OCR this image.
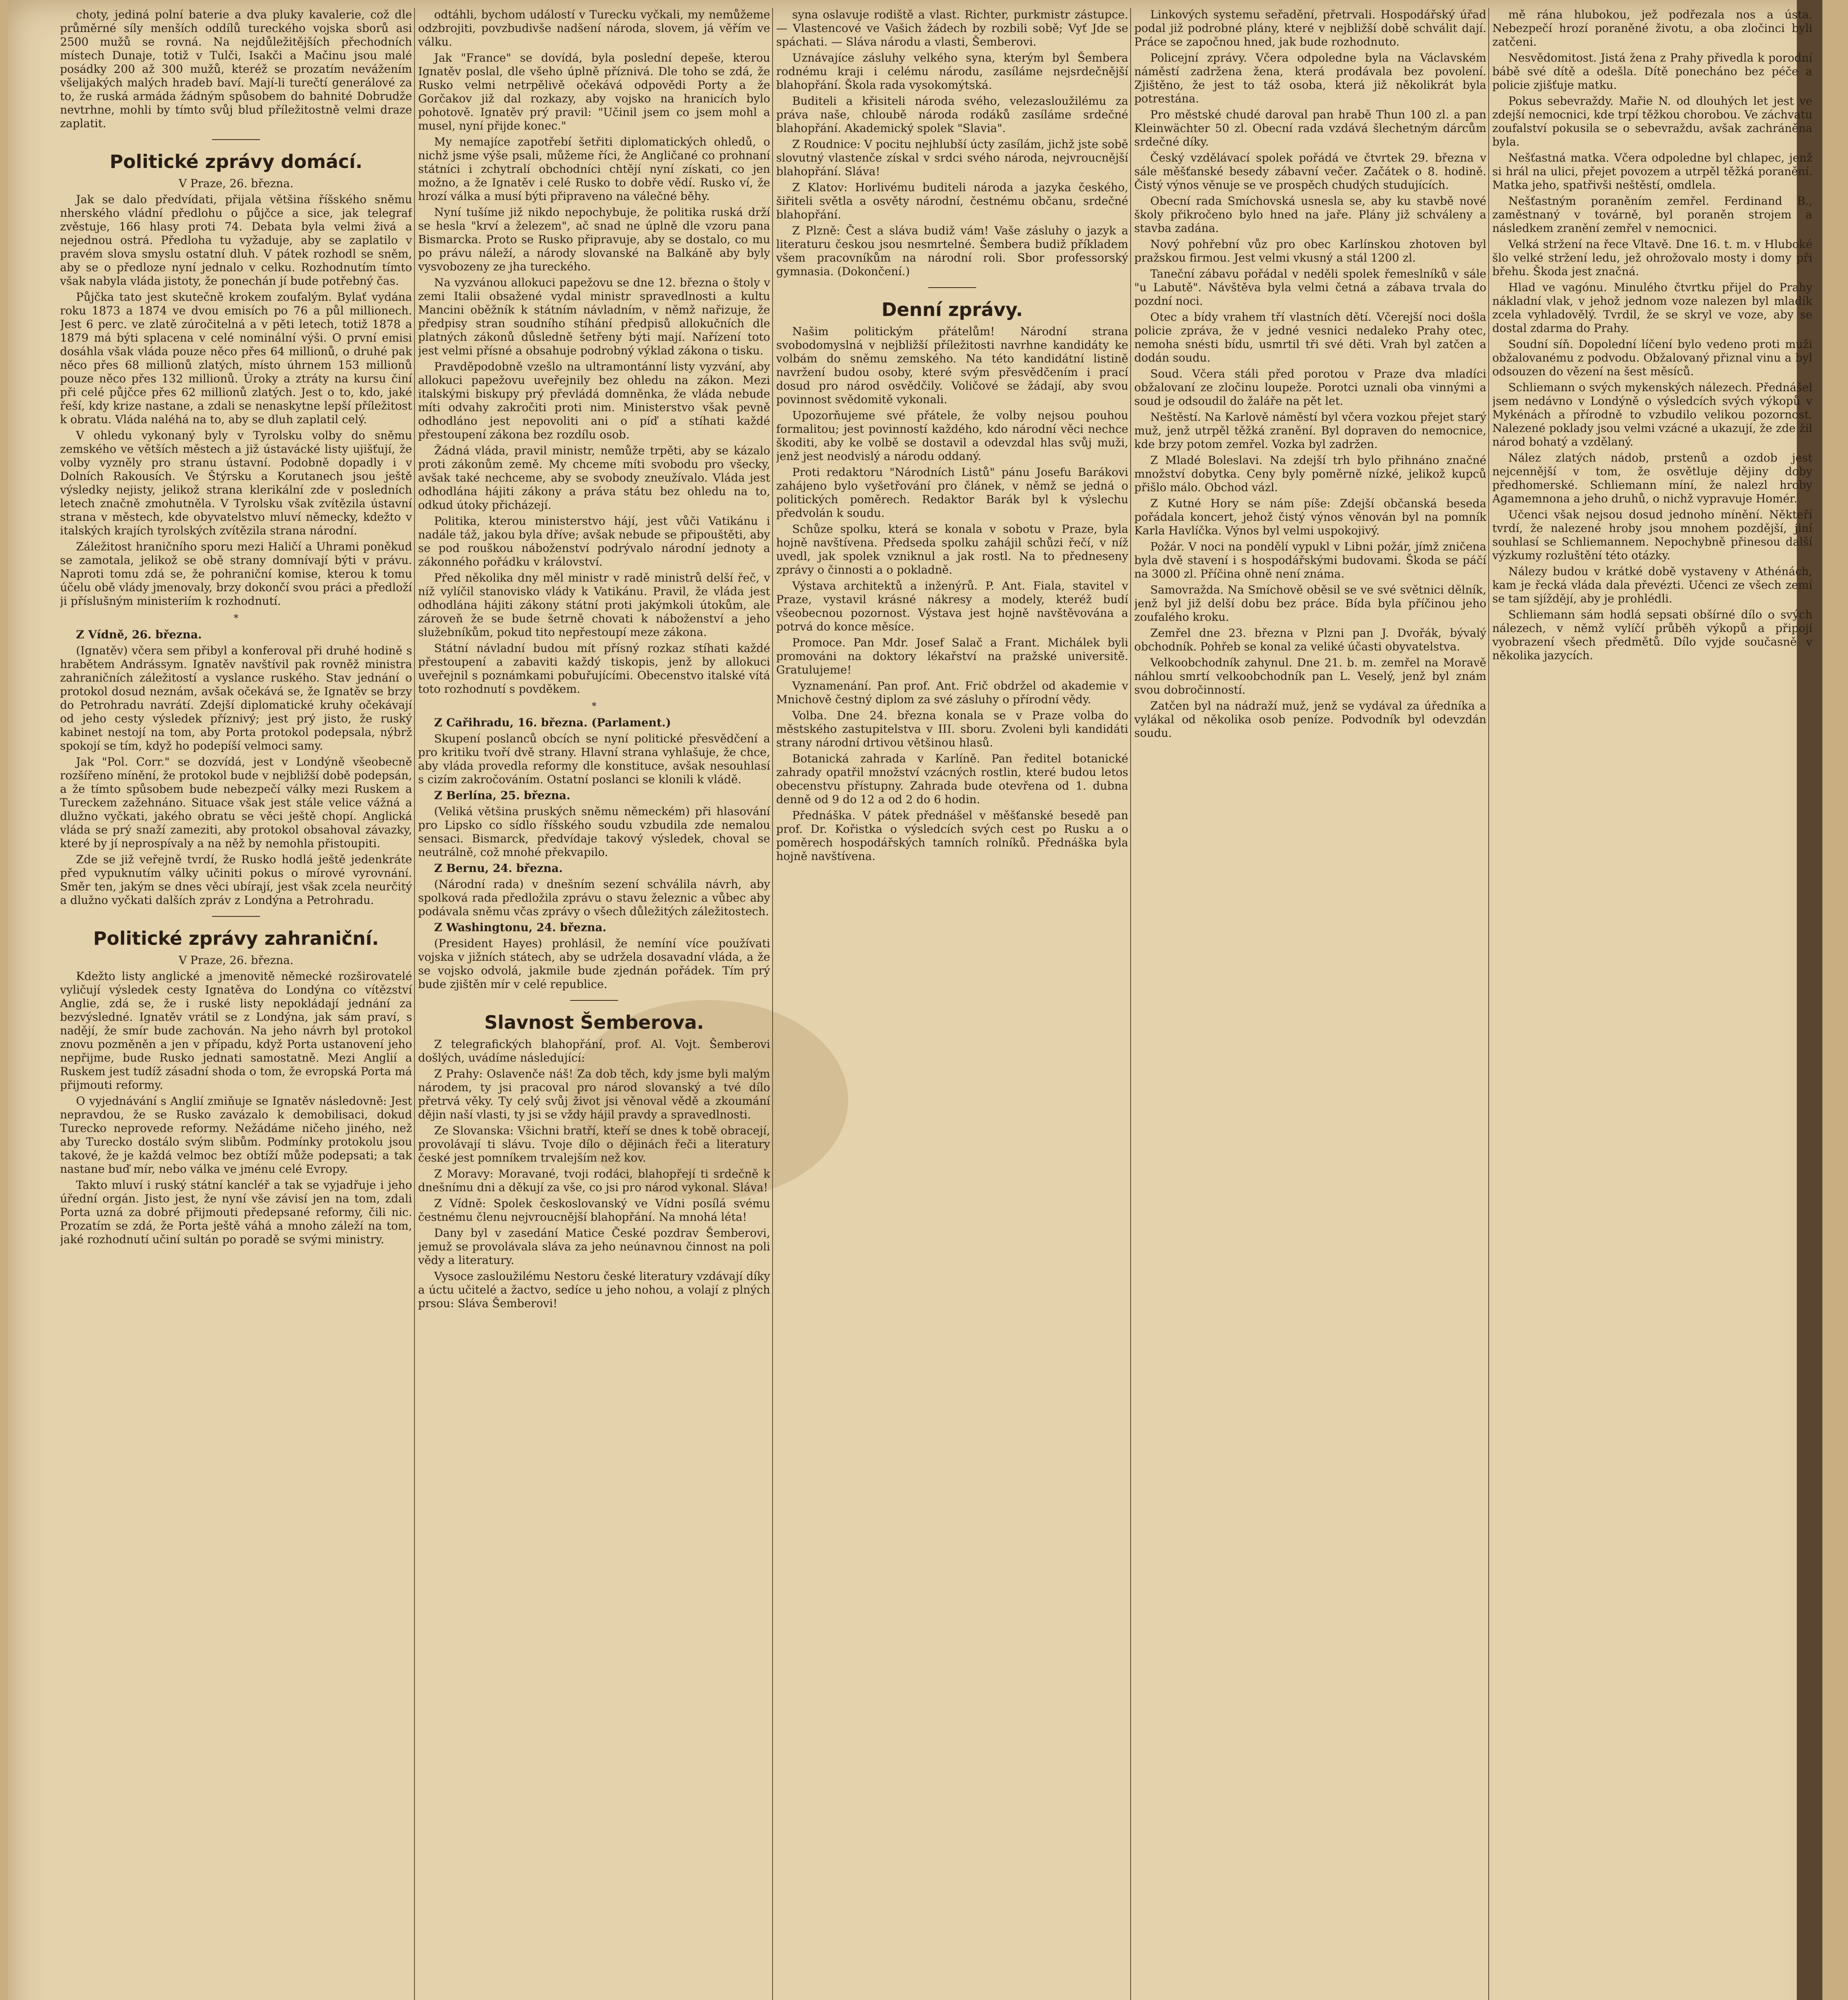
choty, jediná polní baterie a dva pluky kavalerie, což dle průměrné síly menších oddílů tureckého vojska sborů asi 2500 mužů se rovná. Na nejdůležitějších přechodních místech Dunaje, totiž v Tulči, Isakči a Mačinu jsou malé posádky 200 až 300 mužů, kteréž se prozatím nevážením všelijakých malých hradeb baví. Mají-li turečtí generálové za to, že ruská armáda žádným spůsobem do bahnité Dobrudže nevtrhne, mohli by tímto svůj blud příležitostně velmi draze zaplatit.

Politické zprávy domácí.
V Praze, 26. března.

Jak se dalo předvídati, přijala většina říšského sněmu nherského vládní předlohu o půjčce a sice, jak telegraf zvěstuje, 166 hlasy proti 74. Debata byla velmi živá a nejednou ostrá. Předloha tu vyžaduje, aby se zaplatilo v pravém slova smyslu ostatní dluh. V pátek rozhodl se sněm, aby se o předloze nyní jednalo v celku. Rozhodnutím tímto však nabyla vláda jistoty, že ponechán jí bude potřebný čas.

Půjčka tato jest skutečně krokem zoufalým. Bylať vydána roku 1873 a 1874 ve dvou emisích po 76 a půl millionech. Jest 6 perc. ve zlatě zúročitelná a v pěti letech, totiž 1878 a 1879 má býti splacena v celé nominální výši. O první emisi dosáhla však vláda pouze něco přes 64 millionů, o druhé pak něco přes 68 millionů zlatých, místo úhrnem 153 millionů pouze něco přes 132 millionů. Úroky a ztráty na kursu činí při celé půjčce přes 62 millionů zlatých. Jest o to, kdo, jaké řeší, kdy krize nastane, a zdali se nenaskytne lepší příležitost k obratu. Vláda naléhá na to, aby se dluh zaplatil celý.

V ohledu vykonaný byly v Tyrolsku volby do sněmu zemského ve větších městech a již ústavácké listy ujišťují, že volby vyzněly pro stranu ústavní. Podobně dopadly i v Dolních Rakousích. Ve Štýrsku a Korutanech jsou ještě výsledky nejisty, jelikož strana klerikální zde v posledních letech značně zmohutněla. V Tyrolsku však zvítězila ústavní strana v městech, kde obyvatelstvo mluví německy, kdežto v italských krajích tyrolských zvítězila strana národní.

Záležitost hraničního sporu mezi Haličí a Uhrami poněkud se zamotala, jelikož se obě strany domnívají býti v právu. Naproti tomu zdá se, že pohraniční komise, kterou k tomu účelu obě vlády jmenovaly, brzy dokončí svou práci a předloží ji příslušným ministeriím k rozhodnutí.

*

Z Vídně, 26. března.

(Ignatěv) včera sem přibyl a konferoval při druhé hodině s hrabětem Andrássym. Ignatěv navštívil pak rovněž ministra zahraničních záležitostí a vyslance ruského. Stav jednání o protokol dosud neznám, avšak očekává se, že Ignatěv se brzy do Petrohradu navrátí. Zdejší diplomatické kruhy očekávají od jeho cesty výsledek příznivý; jest prý jisto, že ruský kabinet nestojí na tom, aby Porta protokol podepsala, nýbrž spokojí se tím, když ho podepíší velmoci samy.

Jak "Pol. Corr." se dozvídá, jest v Londýně všeobecně rozšířeno mínění, že protokol bude v nejbližší době podepsán, a že tímto spůsobem bude nebezpečí války mezi Ruskem a Tureckem zažehnáno. Situace však jest stále velice vážná a dlužno vyčkati, jakého obratu se věci ještě chopí. Anglická vláda se prý snaží zameziti, aby protokol obsahoval závazky, které by jí neprospívaly a na něž by nemohla přistoupiti.

Zde se již veřejně tvrdí, že Rusko hodlá ještě jedenkráte před vypuknutím války učiniti pokus o mírové vyrovnání. Směr ten, jakým se dnes věci ubírají, jest však zcela neurčitý a dlužno vyčkati dalších zpráv z Londýna a Petrohradu.

Politické zprávy zahraniční.
V Praze, 26. března.

Kdežto listy anglické a jmenovitě německé rozširovatelé vyličují výsledek cesty Ignatěva do Londýna co vítězství Anglie, zdá se, že i ruské listy nepokládají jednání za bezvýsledné. Ignatěv vrátil se z Londýna, jak sám praví, s nadějí, že smír bude zachován. Na jeho návrh byl protokol znovu pozměněn a jen v případu, když Porta ustanovení jeho nepřijme, bude Rusko jednati samostatně. Mezi Anglií a Ruskem jest tudíž zásadní shoda o tom, že evropská Porta má přijmouti reformy.

O vyjednávání s Anglií zmiňuje se Ignatěv následovně: Jest nepravdou, že se Rusko zavázalo k demobilisaci, dokud Turecko neprovede reformy. Nežádáme ničeho jiného, než aby Turecko dostálo svým slibům. Podmínky protokolu jsou takové, že je každá velmoc bez obtíží může podepsati; a tak nastane buď mír, nebo válka ve jménu celé Evropy.

Takto mluví i ruský státní kancléř a tak se vyjadřuje i jeho úřední orgán. Jisto jest, že nyní vše závisí jen na tom, zdali Porta uzná za dobré přijmouti předepsané reformy, čili nic. Prozatím se zdá, že Porta ještě váhá a mnoho záleží na tom, jaké rozhodnutí učiní sultán po poradě se svými ministry.

odtáhli, bychom událostí v Turecku vyčkali, my nemůžeme odzbrojiti, povzbudivše nadšení národa, slovem, já věřím ve válku.

Jak "France" se dovídá, byla poslední depeše, kterou Ignatěv poslal, dle všeho úplně příznivá. Dle toho se zdá, že Rusko velmi netrpělivě očekává odpovědi Porty a že Gorčakov již dal rozkazy, aby vojsko na hranicích bylo pohotově. Ignatěv prý pravil: "Učinil jsem co jsem mohl a musel, nyní přijde konec."

My nemajíce zapotřebí šetřiti diplomatických ohledů, o nichž jsme výše psali, můžeme říci, že Angličané co prohnaní státníci i zchytralí obchodníci chtějí nyní získati, co jen možno, a že Ignatěv i celé Rusko to dobře vědí. Rusko ví, že hrozí válka a musí býti připraveno na válečné běhy.

Nyní tušíme již nikdo nepochybuje, že politika ruská drží se hesla "krví a železem", ač snad ne úplně dle vzoru pana Bismarcka. Proto se Rusko připravuje, aby se dostalo, co mu po právu náleží, a národy slovanské na Balkáně aby byly vysvobozeny ze jha tureckého.

Na vyzvánou allokuci papežovu se dne 12. března o štoly v zemi Italii obsažené vydal ministr spravedlnosti a kultu Mancini oběžník k státním návladním, v němž nařizuje, že předpisy stran soudního stíhání předpisů allokučních dle platných zákonů důsledně šetřeny býti mají. Nařízení toto jest velmi přísné a obsahuje podrobný výklad zákona o tisku.

Pravděpodobně vzešlo na ultramontánní listy vyzvání, aby allokuci papežovu uveřejnily bez ohledu na zákon. Mezi italskými biskupy prý převládá domněnka, že vláda nebude míti odvahy zakročiti proti nim. Ministerstvo však pevně odhodláno jest nepovoliti ani o píď a stíhati každé přestoupení zákona bez rozdílu osob.

Žádná vláda, pravil ministr, nemůže trpěti, aby se kázalo proti zákonům země. My chceme míti svobodu pro všecky, avšak také nechceme, aby se svobody zneužívalo. Vláda jest odhodlána hájiti zákony a práva státu bez ohledu na to, odkud útoky přicházejí.

Politika, kterou ministerstvo hájí, jest vůči Vatikánu i nadále táž, jakou byla dříve; avšak nebude se připouštěti, aby se pod rouškou náboženství podrývalo národní jednoty a zákonného pořádku v království.

Před několika dny měl ministr v radě ministrů delší řeč, v níž vylíčil stanovisko vlády k Vatikánu. Pravil, že vláda jest odhodlána hájiti zákony státní proti jakýmkoli útokům, ale zároveň že se bude šetrně chovati k náboženství a jeho služebníkům, pokud tito nepřestoupí meze zákona.

Státní návladní budou mít přísný rozkaz stíhati každé přestoupení a zabaviti každý tiskopis, jenž by allokuci uveřejnil s poznámkami pobuřujícími. Obecenstvo italské vítá toto rozhodnutí s povděkem.

*

Z Cařihradu, 16. března. (Parlament.)

Skupení poslanců obcích se nyní politické přesvědčení a pro kritiku tvoří dvě strany. Hlavní strana vyhlašuje, že chce, aby vláda provedla reformy dle konstituce, avšak nesouhlasí s cizím zakročováním. Ostatní poslanci se klonili k vládě.

Z Berlína, 25. března.

(Veliká většina pruských sněmu německém) při hlasování pro Lipsko co sídlo říšského soudu vzbudila zde nemalou sensaci. Bismarck, předvídaje takový výsledek, choval se neutrálně, což mnohé překvapilo.

Z Bernu, 24. března.

(Národní rada) v dnešním sezení schválila návrh, aby spolková rada předložila zprávu o stavu železnic a vůbec aby podávala sněmu včas zprávy o všech důležitých záležitostech.

Z Washingtonu, 24. března.

(President Hayes) prohlásil, že nemíní více používati vojska v jižních státech, aby se udržela dosavadní vláda, a že se vojsko odvolá, jakmile bude zjednán pořádek. Tím prý bude zjištěn mír v celé republice.

Slavnost Šemberova.

Z telegrafických blahopřání, prof. Al. Vojt. Šemberovi došlých, uvádíme následující:

Z Prahy: Oslavenče náš! Za dob těch, kdy jsme byli malým národem, ty jsi pracoval pro národ slovanský a tvé dílo přetrvá věky. Ty celý svůj život jsi věnoval vědě a zkoumání dějin naší vlasti, ty jsi se vždy hájil pravdy a spravedlnosti.

Ze Slovanska: Všichni bratří, kteří se dnes k tobě obracejí, provolávají ti slávu. Tvoje dílo o dějinách řeči a literatury české jest pomníkem trvalejším než kov.

Z Moravy: Moravané, tvoji rodáci, blahopřejí ti srdečně k dnešnímu dni a děkují za vše, co jsi pro národ vykonal. Sláva!

Z Vídně: Spolek českoslovanský ve Vídni posílá svému čestnému členu nejvroucnější blahopřání. Na mnohá léta!

Dany byl v zasedání Matice České pozdrav Šemberovi, jemuž se provolávala sláva za jeho neúnavnou činnost na poli vědy a literatury.

Vysoce zasloužilému Nestoru české literatury vzdávají díky a úctu učitelé a žactvo, sedíce u jeho nohou, a volají z plných prsou: Sláva Šemberovi!

syna oslavuje rodiště a vlast. Richter, purkmistr zástupce. — Vlastencové ve Vašich žádech by rozbili sobě; Vyť Jde se spáchati. — Sláva národu a vlasti, Šemberovi.

Uznávajíce zásluhy velkého syna, kterým byl Šembera rodnému kraji i celému národu, zasíláme nejsrdečnější blahopřání. Škola rada vysokomýtská.

Buditeli a křisiteli národa svého, velezasloužilému za práva naše, chloubě národa rodáků zasíláme srdečné blahopřání. Akademický spolek "Slavia".

Z Roudnice: V pocitu nejhlubší úcty zasílám, jichž jste sobě slovutný vlastenče získal v srdci svého národa, nejvroucnější blahopřání. Sláva!

Z Klatov: Horlivému buditeli národa a jazyka českého, šiřiteli světla a osvěty národní, čestnému občanu, srdečné blahopřání.

Z Plzně: Čest a sláva budiž vám! Vaše zásluhy o jazyk a literaturu českou jsou nesmrtelné. Šembera budiž příkladem všem pracovníkům na národní roli. Sbor professorský gymnasia. (Dokončení.)

Denní zprávy.

Našim politickým přátelům! Národní strana svobodomyslná v nejbližší příležitosti navrhne kandidáty ke volbám do sněmu zemského. Na této kandidátní listině navržení budou osoby, které svým přesvědčením i prací dosud pro národ osvědčily. Voličové se žádají, aby svou povinnost svědomitě vykonali.

Upozorňujeme své přátele, že volby nejsou pouhou formalitou; jest povinností každého, kdo národní věci nechce škoditi, aby ke volbě se dostavil a odevzdal hlas svůj muži, jenž jest neodvislý a národu oddaný.

Proti redaktoru "Národních Listů" pánu Josefu Barákovi zahájeno bylo vyšetřování pro článek, v němž se jedná o politických poměrech. Redaktor Barák byl k výslechu předvolán k soudu.

Schůze spolku, která se konala v sobotu v Praze, byla hojně navštívena. Předseda spolku zahájil schůzi řečí, v níž uvedl, jak spolek vzniknul a jak rostl. Na to předneseny zprávy o činnosti a o pokladně.

Výstava architektů a inženýrů. P. Ant. Fiala, stavitel v Praze, vystavil krásné nákresy a modely, kteréž budí všeobecnou pozornost. Výstava jest hojně navštěvována a potrvá do konce měsíce.

Promoce. Pan Mdr. Josef Salač a Frant. Michálek byli promováni na doktory lékařství na pražské universitě. Gratulujeme!

Vyznamenání. Pan prof. Ant. Frič obdržel od akademie v Mnichově čestný diplom za své zásluhy o přírodní vědy.

Volba. Dne 24. března konala se v Praze volba do městského zastupitelstva v III. sboru. Zvoleni byli kandidáti strany národní drtivou většinou hlasů.

Botanická zahrada v Karlíně. Pan ředitel botanické zahrady opatřil množství vzácných rostlin, které budou letos obecenstvu přístupny. Zahrada bude otevřena od 1. dubna denně od 9 do 12 a od 2 do 6 hodin.

Přednáška. V pátek přednášel v měšťanské besedě pan prof. Dr. Kořistka o výsledcích svých cest po Rusku a o poměrech hospodářských tamních rolníků. Přednáška byla hojně navštívena.

Linkových systemu seřadění, přetrvali. Hospodářský úřad podal již podrobné plány, které v nejbližší době schválit dají. Práce se započnou hned, jak bude rozhodnuto.

Policejní zprávy. Včera odpoledne byla na Václavském náměstí zadržena žena, která prodávala bez povolení. Zjištěno, že jest to táž osoba, která již několikrát byla potrestána.

Pro městské chudé daroval pan hrabě Thun 100 zl. a pan Kleinwächter 50 zl. Obecní rada vzdává šlechetným dárcům srdečné díky.

Český vzdělávací spolek pořádá ve čtvrtek 29. března v sále měšťanské besedy zábavní večer. Začátek o 8. hodině. Čistý výnos věnuje se ve prospěch chudých studujících.

Obecní rada Smíchovská usnesla se, aby ku stavbě nové školy přikročeno bylo hned na jaře. Plány již schváleny a stavba zadána.

Nový pohřební vůz pro obec Karlínskou zhotoven byl pražskou firmou. Jest velmi vkusný a stál 1200 zl.

Taneční zábavu pořádal v neděli spolek řemeslníků v sále "u Labutě". Návštěva byla velmi četná a zábava trvala do pozdní noci.

Otec a bídy vrahem tří vlastních dětí. Včerejší noci došla policie zpráva, že v jedné vesnici nedaleko Prahy otec, nemoha snésti bídu, usmrtil tři své děti. Vrah byl zatčen a dodán soudu.

Soud. Včera stáli před porotou v Praze dva mladíci obžalovaní ze zločinu loupeže. Porotci uznali oba vinnými a soud je odsoudil do žaláře na pět let.

Neštěstí. Na Karlově náměstí byl včera vozkou přejet starý muž, jenž utrpěl těžká zranění. Byl dopraven do nemocnice, kde brzy potom zemřel. Vozka byl zadržen.

Z Mladé Boleslavi. Na zdejší trh bylo přihnáno značné množství dobytka. Ceny byly poměrně nízké, jelikož kupců přišlo málo. Obchod vázl.

Z Kutné Hory se nám píše: Zdejší občanská beseda pořádala koncert, jehož čistý výnos věnován byl na pomník Karla Havlíčka. Výnos byl velmi uspokojivý.

Požár. V noci na pondělí vypukl v Libni požár, jímž zničena byla dvě stavení i s hospodářskými budovami. Škoda se páčí na 3000 zl. Příčina ohně není známa.

Samovražda. Na Smíchově oběsil se ve své světnici dělník, jenž byl již delší dobu bez práce. Bída byla příčinou jeho zoufalého kroku.

Zemřel dne 23. března v Plzni pan J. Dvořák, bývalý obchodník. Pohřeb se konal za veliké účasti obyvatelstva.

Velkoobchodník zahynul. Dne 21. b. m. zemřel na Moravě náhlou smrtí velkoobchodník pan L. Veselý, jenž byl znám svou dobročinností.

Zatčen byl na nádraží muž, jenž se vydával za úředníka a vylákal od několika osob peníze. Podvodník byl odevzdán soudu.

mě rána hlubokou, jež podřezala nos a ústa. Nebezpečí hrozí poraněné životu, a oba zločinci byli zatčeni.

Nesvědomitost. Jistá žena z Prahy přivedla k porodní bábě své dítě a odešla. Dítě ponecháno bez péče a policie zjišťuje matku.

Pokus sebevraždy. Mařie N. od dlouhých let jest ve zdejší nemocnici, kde trpí těžkou chorobou. Ve záchvatu zoufalství pokusila se o sebevraždu, avšak zachráněna byla.

Nešťastná matka. Včera odpoledne byl chlapec, jenž si hrál na ulici, přejet povozem a utrpěl těžká poranění. Matka jeho, spatřivši neštěstí, omdlela.

Nešťastným poraněním zemřel. Ferdinand B., zaměstnaný v továrně, byl poraněn strojem a následkem zranění zemřel v nemocnici.

Velká stržení na řece Vltavě. Dne 16. t. m. v Hluboké šlo velké stržení ledu, jež ohrožovalo mosty i domy při břehu. Škoda jest značná.

Hlad ve vagónu. Minulého čtvrtku přijel do Prahy nákladní vlak, v jehož jednom voze nalezen byl mladík zcela vyhladovělý. Tvrdil, že se skryl ve voze, aby se dostal zdarma do Prahy.

Soudní síň. Dopolední líčení bylo vedeno proti muži obžalovanému z podvodu. Obžalovaný přiznal vinu a byl odsouzen do vězení na šest měsíců.

Schliemann o svých mykenských nálezech. Přednášel jsem nedávno v Londýně o výsledcích svých výkopů v Mykénách a přírodně to vzbudilo velikou pozornost. Nalezené poklady jsou velmi vzácné a ukazují, že zde žil národ bohatý a vzdělaný.

Nález zlatých nádob, prstenů a ozdob jest nejcennější v tom, že osvětluje dějiny doby předhomerské. Schliemann míní, že nalezl hroby Agamemnona a jeho druhů, o nichž vypravuje Homér.

Učenci však nejsou dosud jednoho mínění. Někteří tvrdí, že nalezené hroby jsou mnohem pozdější, jiní souhlasí se Schliemannem. Nepochybně přinesou další výzkumy rozluštění této otázky.

Nálezy budou v krátké době vystaveny v Athénách, kam je řecká vláda dala převézti. Učenci ze všech zemí se tam sjíždějí, aby je prohlédli.

Schliemann sám hodlá sepsati obšírné dílo o svých nálezech, v němž vylíčí průběh výkopů a připojí vyobrazení všech předmětů. Dílo vyjde současně v několika jazycích.
